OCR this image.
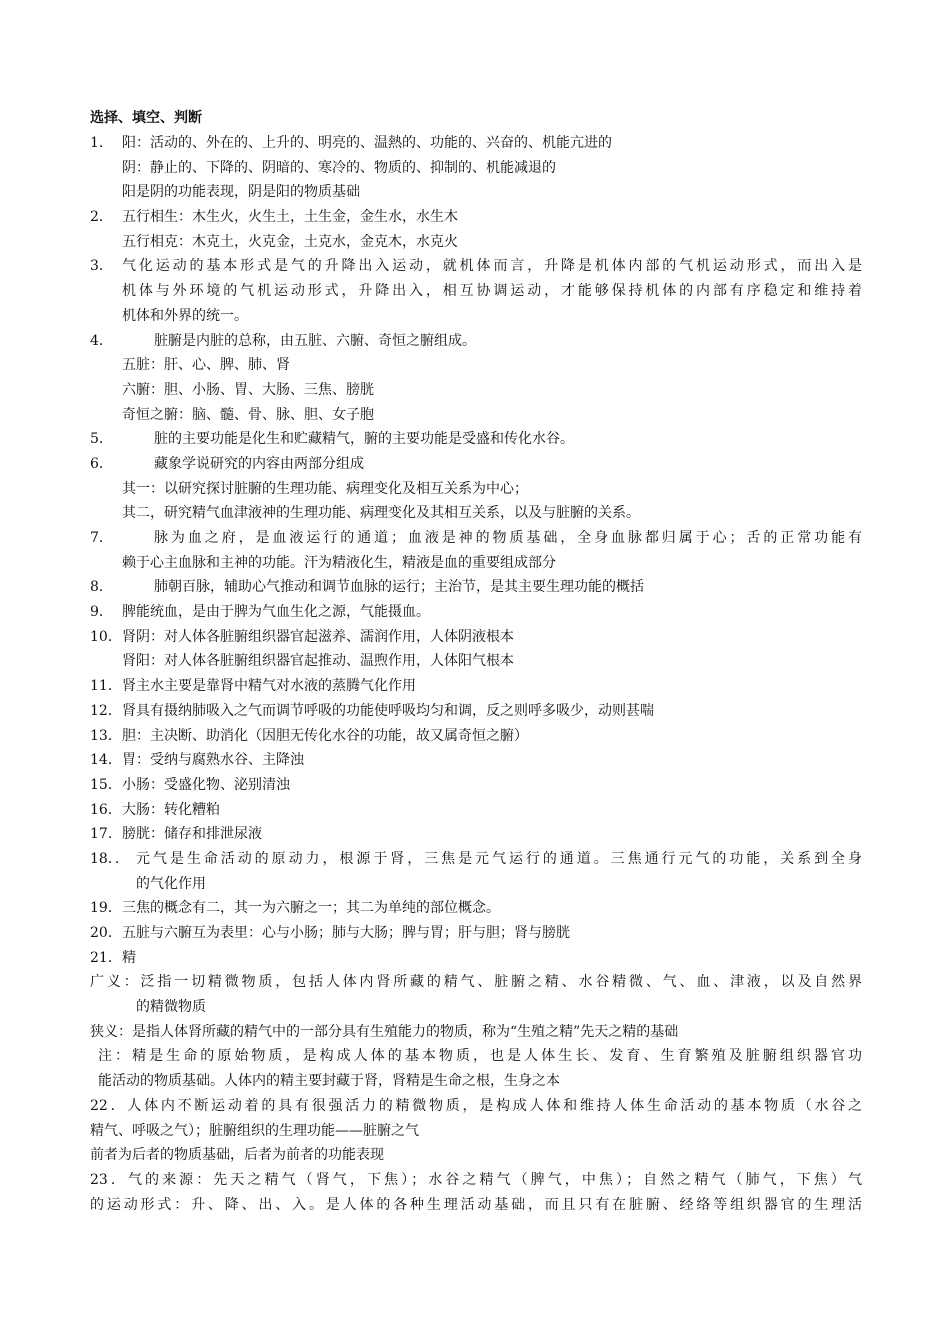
选择、填空、判断
1． 阳：活动的、外在的、上升的、明亮的、温熱的、功能的、兴奋的、机能亢进的
阴：静止的、下降的、阴暗的、寒冷的、物质的、抑制的、机能减退的
阳是阴的功能表现，阴是阳的物质基础
2． 五行相生：木生火，火生土，土生金，金生水，水生木
五行相克：木克土，火克金，土克水，金克木，水克火
3． 气化运动的基本形式是气的升降出入运动，就机体而言，升降是机体内部的气机运动形式，而出入是
机体与外环境的气机运动形式，升降出入，相互协调运动，才能够保持机体的内部有序稳定和维持着
机体和外界的统一。
4．	脏腑是内脏的总称，由五脏、六腑、奇恒之腑组成。
五脏：肝、心、脾、肺、肾
六腑：胆、小肠、胃、大肠、三焦、膀胱
奇恒之腑：脑、髓、骨、脉、胆、女子胞
5．	脏的主要功能是化生和贮藏精气，腑的主要功能是受盛和传化水谷。
6．	藏象学说研究的内容由两部分组成
其一：以研究探讨脏腑的生理功能、病理变化及相互关系为中心；
其二，研究精气血津液神的生理功能、病理变化及其相互关系，以及与脏腑的关系。
7．	脉为血之府，是血液运行的通道；血液是神的物质基础，全身血脉都归属于心；舌的正常功能有
赖于心主血脉和主神的功能。汗为精液化生，精液是血的重要组成部分
8．	肺朝百脉，辅助心气推动和调节血脉的运行；主治节，是其主要生理功能的概括
9． 脾能统血，是由于脾为气血生化之源，气能摄血。
10． 肾阴：对人体各脏腑组织器官起滋养、濡润作用，人体阴液根本
肾阳：对人体各脏腑组织器官起推动、温煦作用，人体阳气根本
11． 肾主水主要是靠肾中精气对水液的蒸腾气化作用
12． 肾具有摄纳肺吸入之气而调节呼吸的功能使呼吸均匀和调，反之则呼多吸少，动则甚喘
13． 胆：主决断、助消化（因胆无传化水谷的功能，故又属奇恒之腑）
14． 胃：受纳与腐熟水谷、主降浊
15． 小肠：受盛化物、泌别清浊
16． 大肠：转化糟粕
17． 膀胱：储存和排泄尿液
18．． 元气是生命活动的原动力，根源于肾，三焦是元气运行的通道。三焦通行元气的功能，关系到全身
的气化作用
19． 三焦的概念有二，其一为六腑之一；其二为单纯的部位概念。
20． 五脏与六腑互为表里：心与小肠；肺与大肠；脾与胃；肝与胆；肾与膀胱
21． 精
广义：泛指一切精微物质，包括人体内肾所藏的精气、脏腑之精、水谷精微、气、血、津液，以及自然界
的精微物质
狭义：是指人体肾所藏的精气中的一部分具有生殖能力的物质，称为“生殖之精”先天之精的基础
注：精是生命的原始物质，是构成人体的基本物质，也是人体生长、发育、生育繁殖及脏腑组织器官功
能活动的物质基础。人体内的精主要封藏于肾，肾精是生命之根，生身之本
22．人体内不断运动着的具有很强活力的精微物质，是构成人体和维持人体生命活动的基本物质（水谷之
精气、呼吸之气）；脏腑组织的生理功能——脏腑之气
前者为后者的物质基础，后者为前者的功能表现
23．气的来源：先天之精气（肾气，下焦）；水谷之精气（脾气，中焦）；自然之精气（肺气，下焦）气
的运动形式：升、降、出、入。是人体的各种生理活动基础，而且只有在脏腑、经络等组织器官的生理活
